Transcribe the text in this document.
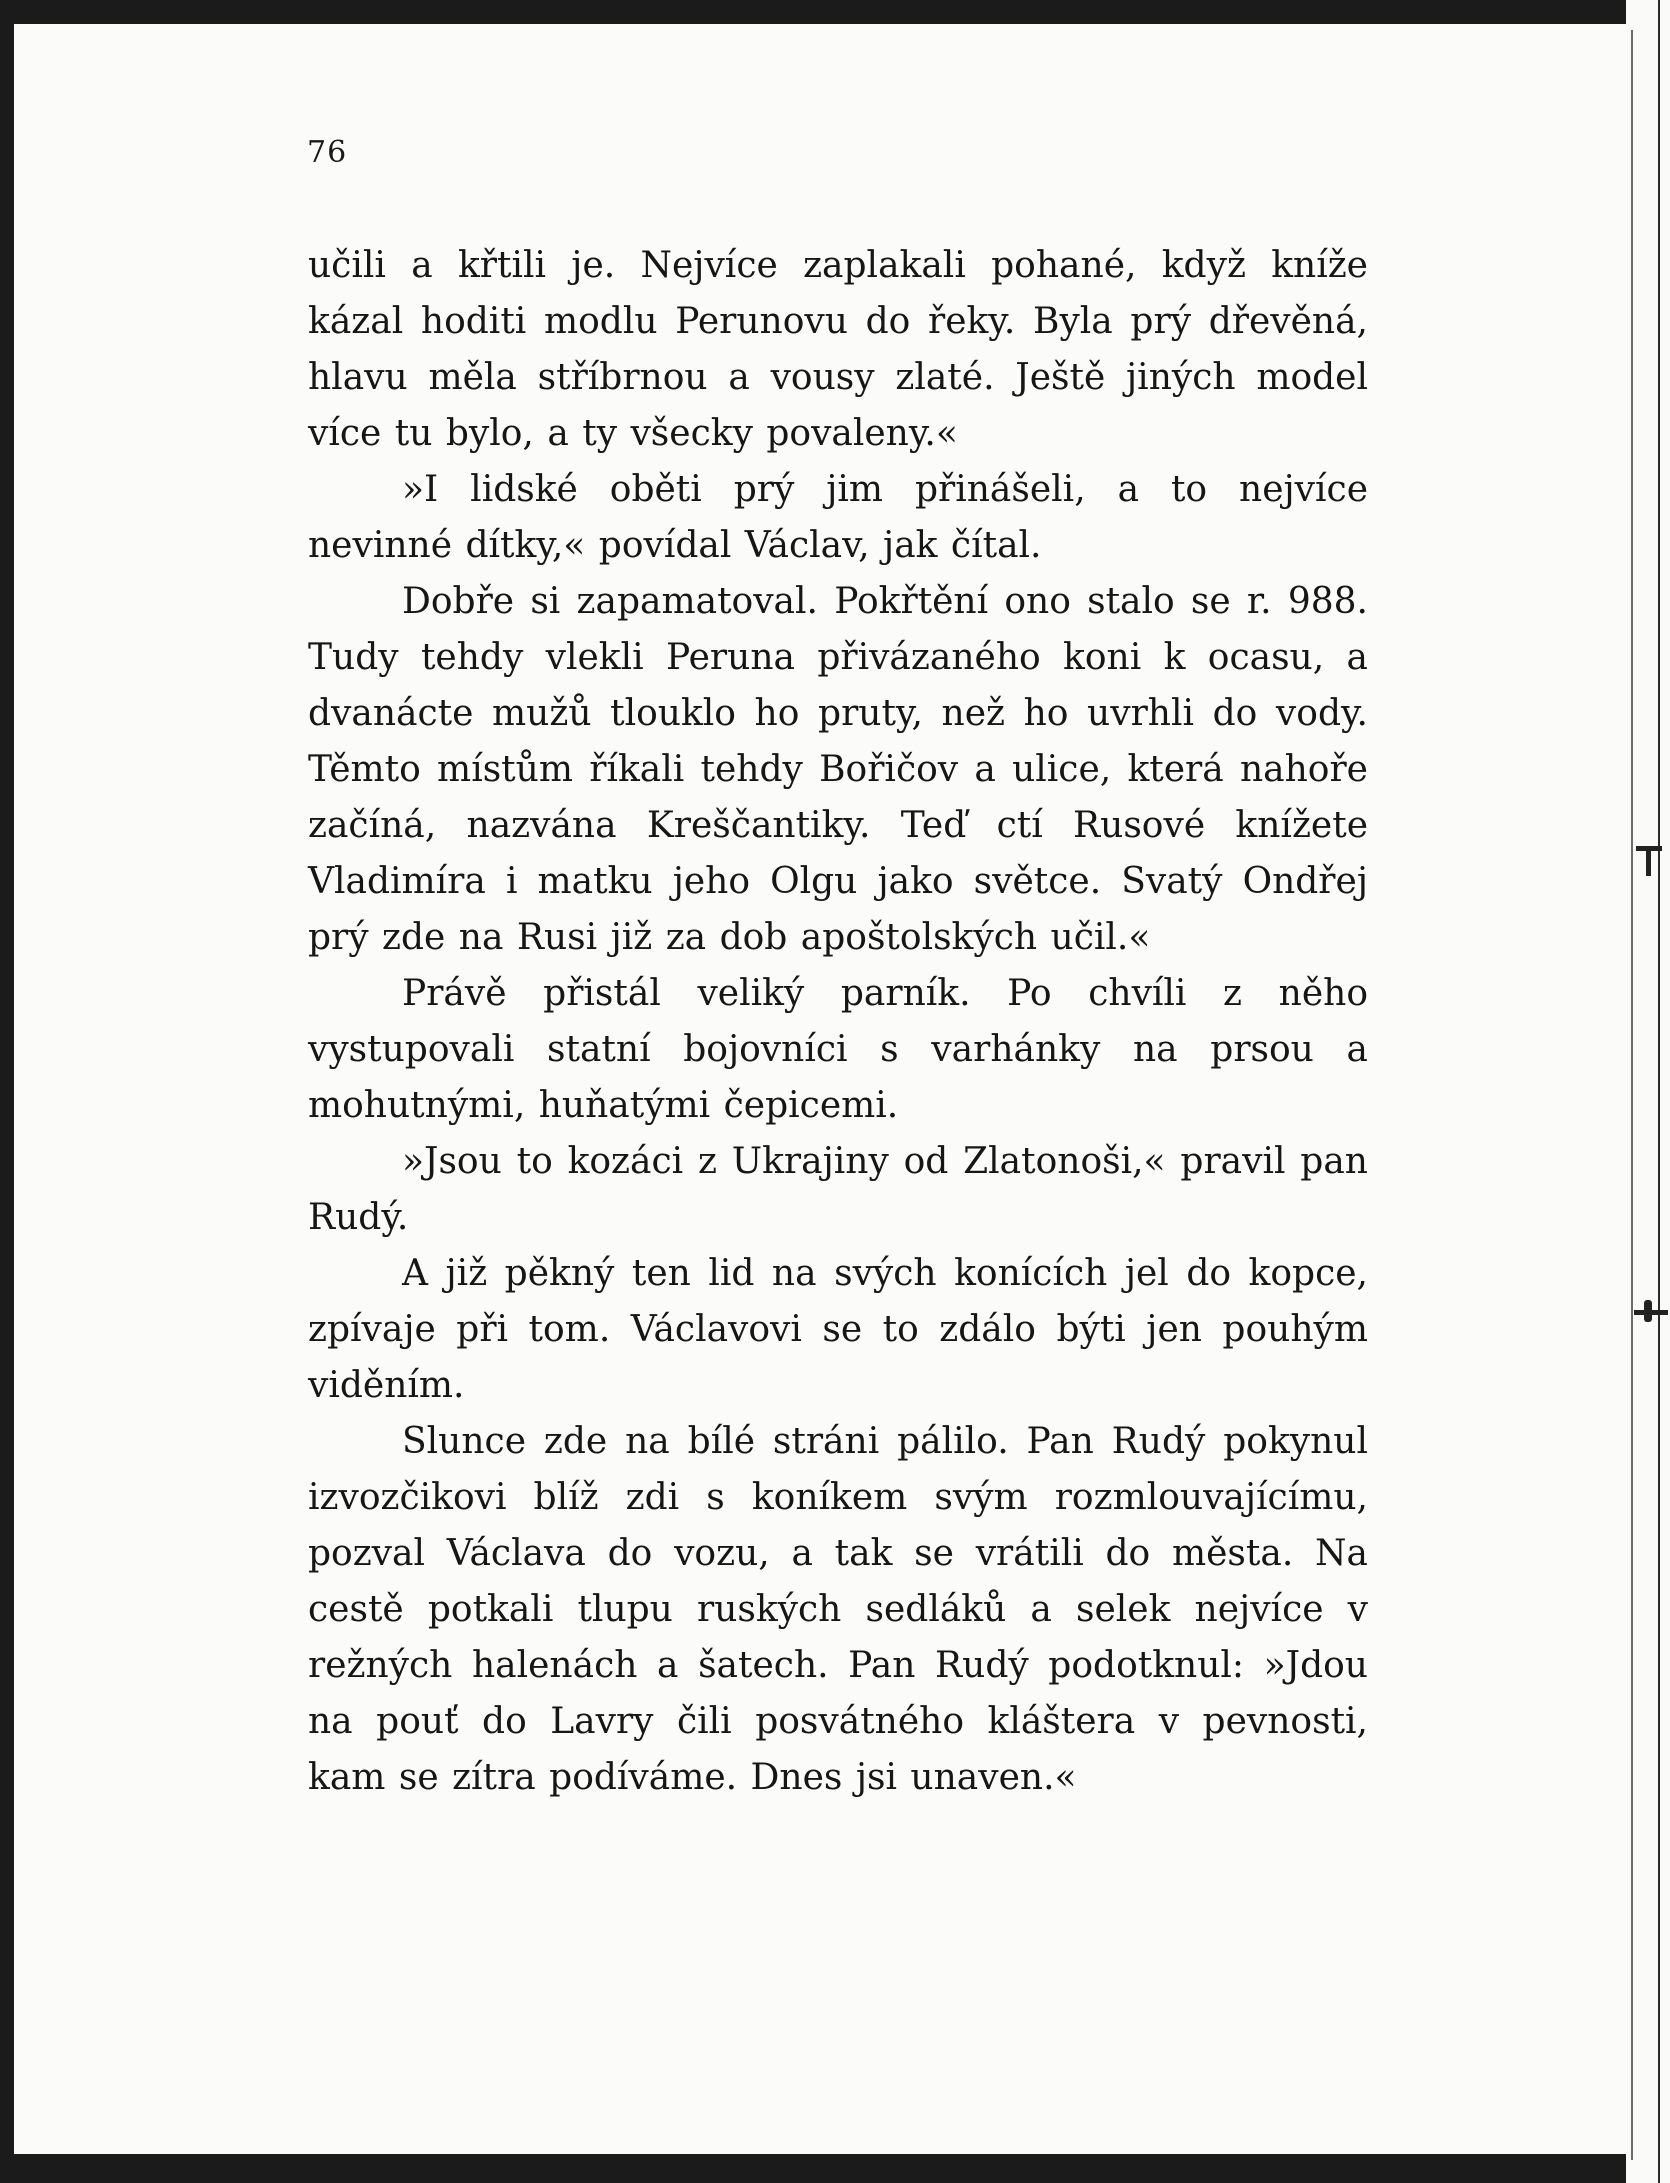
76

učili a křtili je. Nejvíce zaplakali pohané, když kníže kázal hoditi modlu Perunovu do řeky. Byla prý dřevěná, hlavu měla stříbrnou a vousy zlaté. Ještě jiných model více tu bylo, a ty všecky povaleny.«

»I lidské oběti prý jim přinášeli, a to nejvíce nevinné dítky,« povídal Václav, jak čítal.

Dobře si zapamatoval. Pokřtění ono stalo se r. 988. Tudy tehdy vlekli Peruna přivázaného koni k ocasu, a dvanácte mužů tlouklo ho pruty, než ho uvrhli do vody. Těmto místům říkali tehdy Bořičov a ulice, která nahoře začíná, nazvána Kreščantiky. Teď ctí Rusové knížete Vladimíra i matku jeho Olgu jako světce. Svatý Ondřej prý zde na Rusi již za dob apoštolských učil.«

Právě přistál veliký parník. Po chvíli z něho vystupovali statní bojovníci s varhánky na prsou a mohutnými, huňatými čepicemi.

»Jsou to kozáci z Ukrajiny od Zlatonoši,« pravil pan Rudý.

A již pěkný ten lid na svých konících jel do kopce, zpívaje při tom. Václavovi se to zdálo býti jen pouhým viděním.

Slunce zde na bílé stráni pálilo. Pan Rudý pokynul izvozčikovi blíž zdi s koníkem svým rozmlouvajícímu, pozval Václava do vozu, a tak se vrátili do města. Na cestě potkali tlupu ruských sedláků a selek nejvíce v režných halenách a šatech. Pan Rudý podotknul: »Jdou na pouť do Lavry čili posvátného kláštera v pevnosti, kam se zítra podíváme. Dnes jsi unaven.«
